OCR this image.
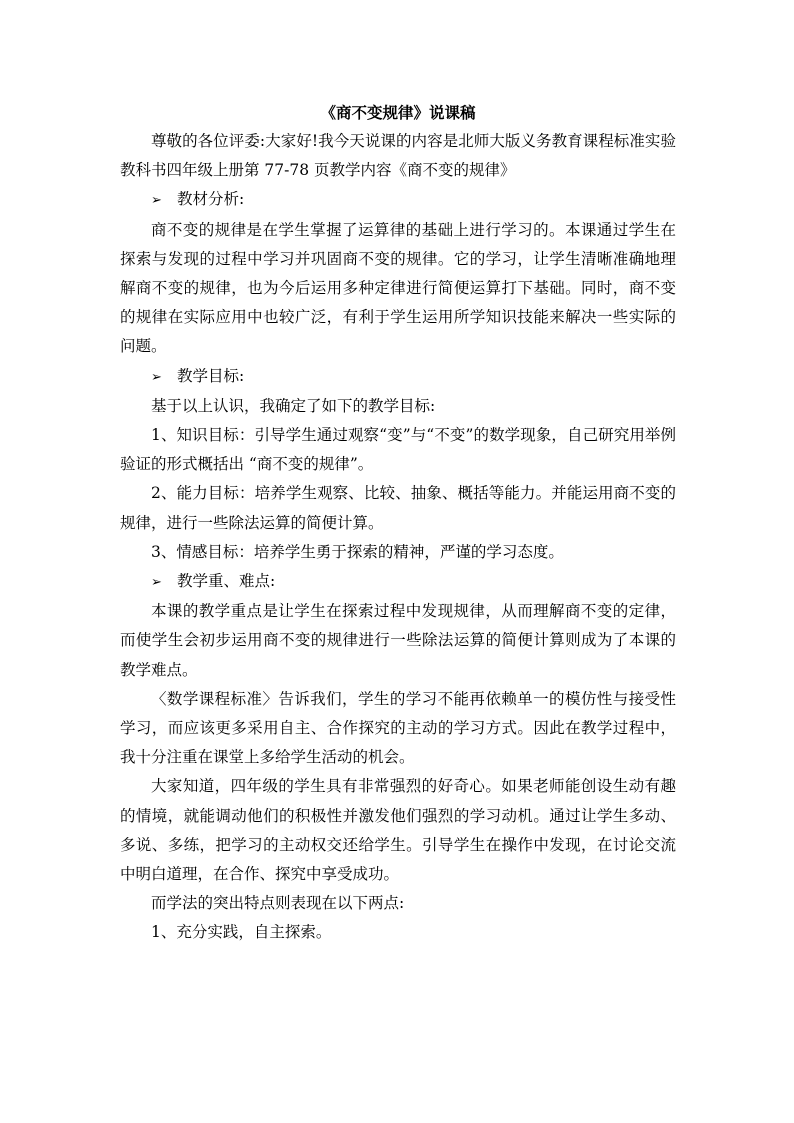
《商不变规律》说课稿

尊敬的各位评委:大家好!我今天说课的内容是北师大版义务教育课程标准实验教科书四年级上册第 77-78 页教学内容《商不变的规律》

➢ 教材分析:

商不变的规律是在学生掌握了运算律的基础上进行学习的。本课通过学生在探索与发现的过程中学习并巩固商不变的规律。它的学习，让学生清晰准确地理解商不变的规律，也为今后运用多种定律进行简便运算打下基础。同时，商不变的规律在实际应用中也较广泛，有利于学生运用所学知识技能来解决一些实际的问题。

➢ 教学目标:

基于以上认识，我确定了如下的教学目标:

1、知识目标：引导学生通过观察“变”与“不变”的数学现象，自己研究用举例验证的形式概括出 “商不变的规律”。

2、能力目标：培养学生观察、比较、抽象、概括等能力。并能运用商不变的规律，进行一些除法运算的简便计算。

3、情感目标：培养学生勇于探索的精神，严谨的学习态度。

➢ 教学重、难点:

本课的教学重点是让学生在探索过程中发现规律，从而理解商不变的定律，而使学生会初步运用商不变的规律进行一些除法运算的简便计算则成为了本课的教学难点。

〈数学课程标准〉告诉我们，学生的学习不能再依赖单一的模仿性与接受性学习，而应该更多采用自主、合作探究的主动的学习方式。因此在教学过程中，我十分注重在课堂上多给学生活动的机会。

大家知道，四年级的学生具有非常强烈的好奇心。如果老师能创设生动有趣的情境，就能调动他们的积极性并激发他们强烈的学习动机。通过让学生多动、多说、多练，把学习的主动权交还给学生。引导学生在操作中发现，在讨论交流中明白道理，在合作、探究中享受成功。

而学法的突出特点则表现在以下两点:

1、充分实践，自主探索。
